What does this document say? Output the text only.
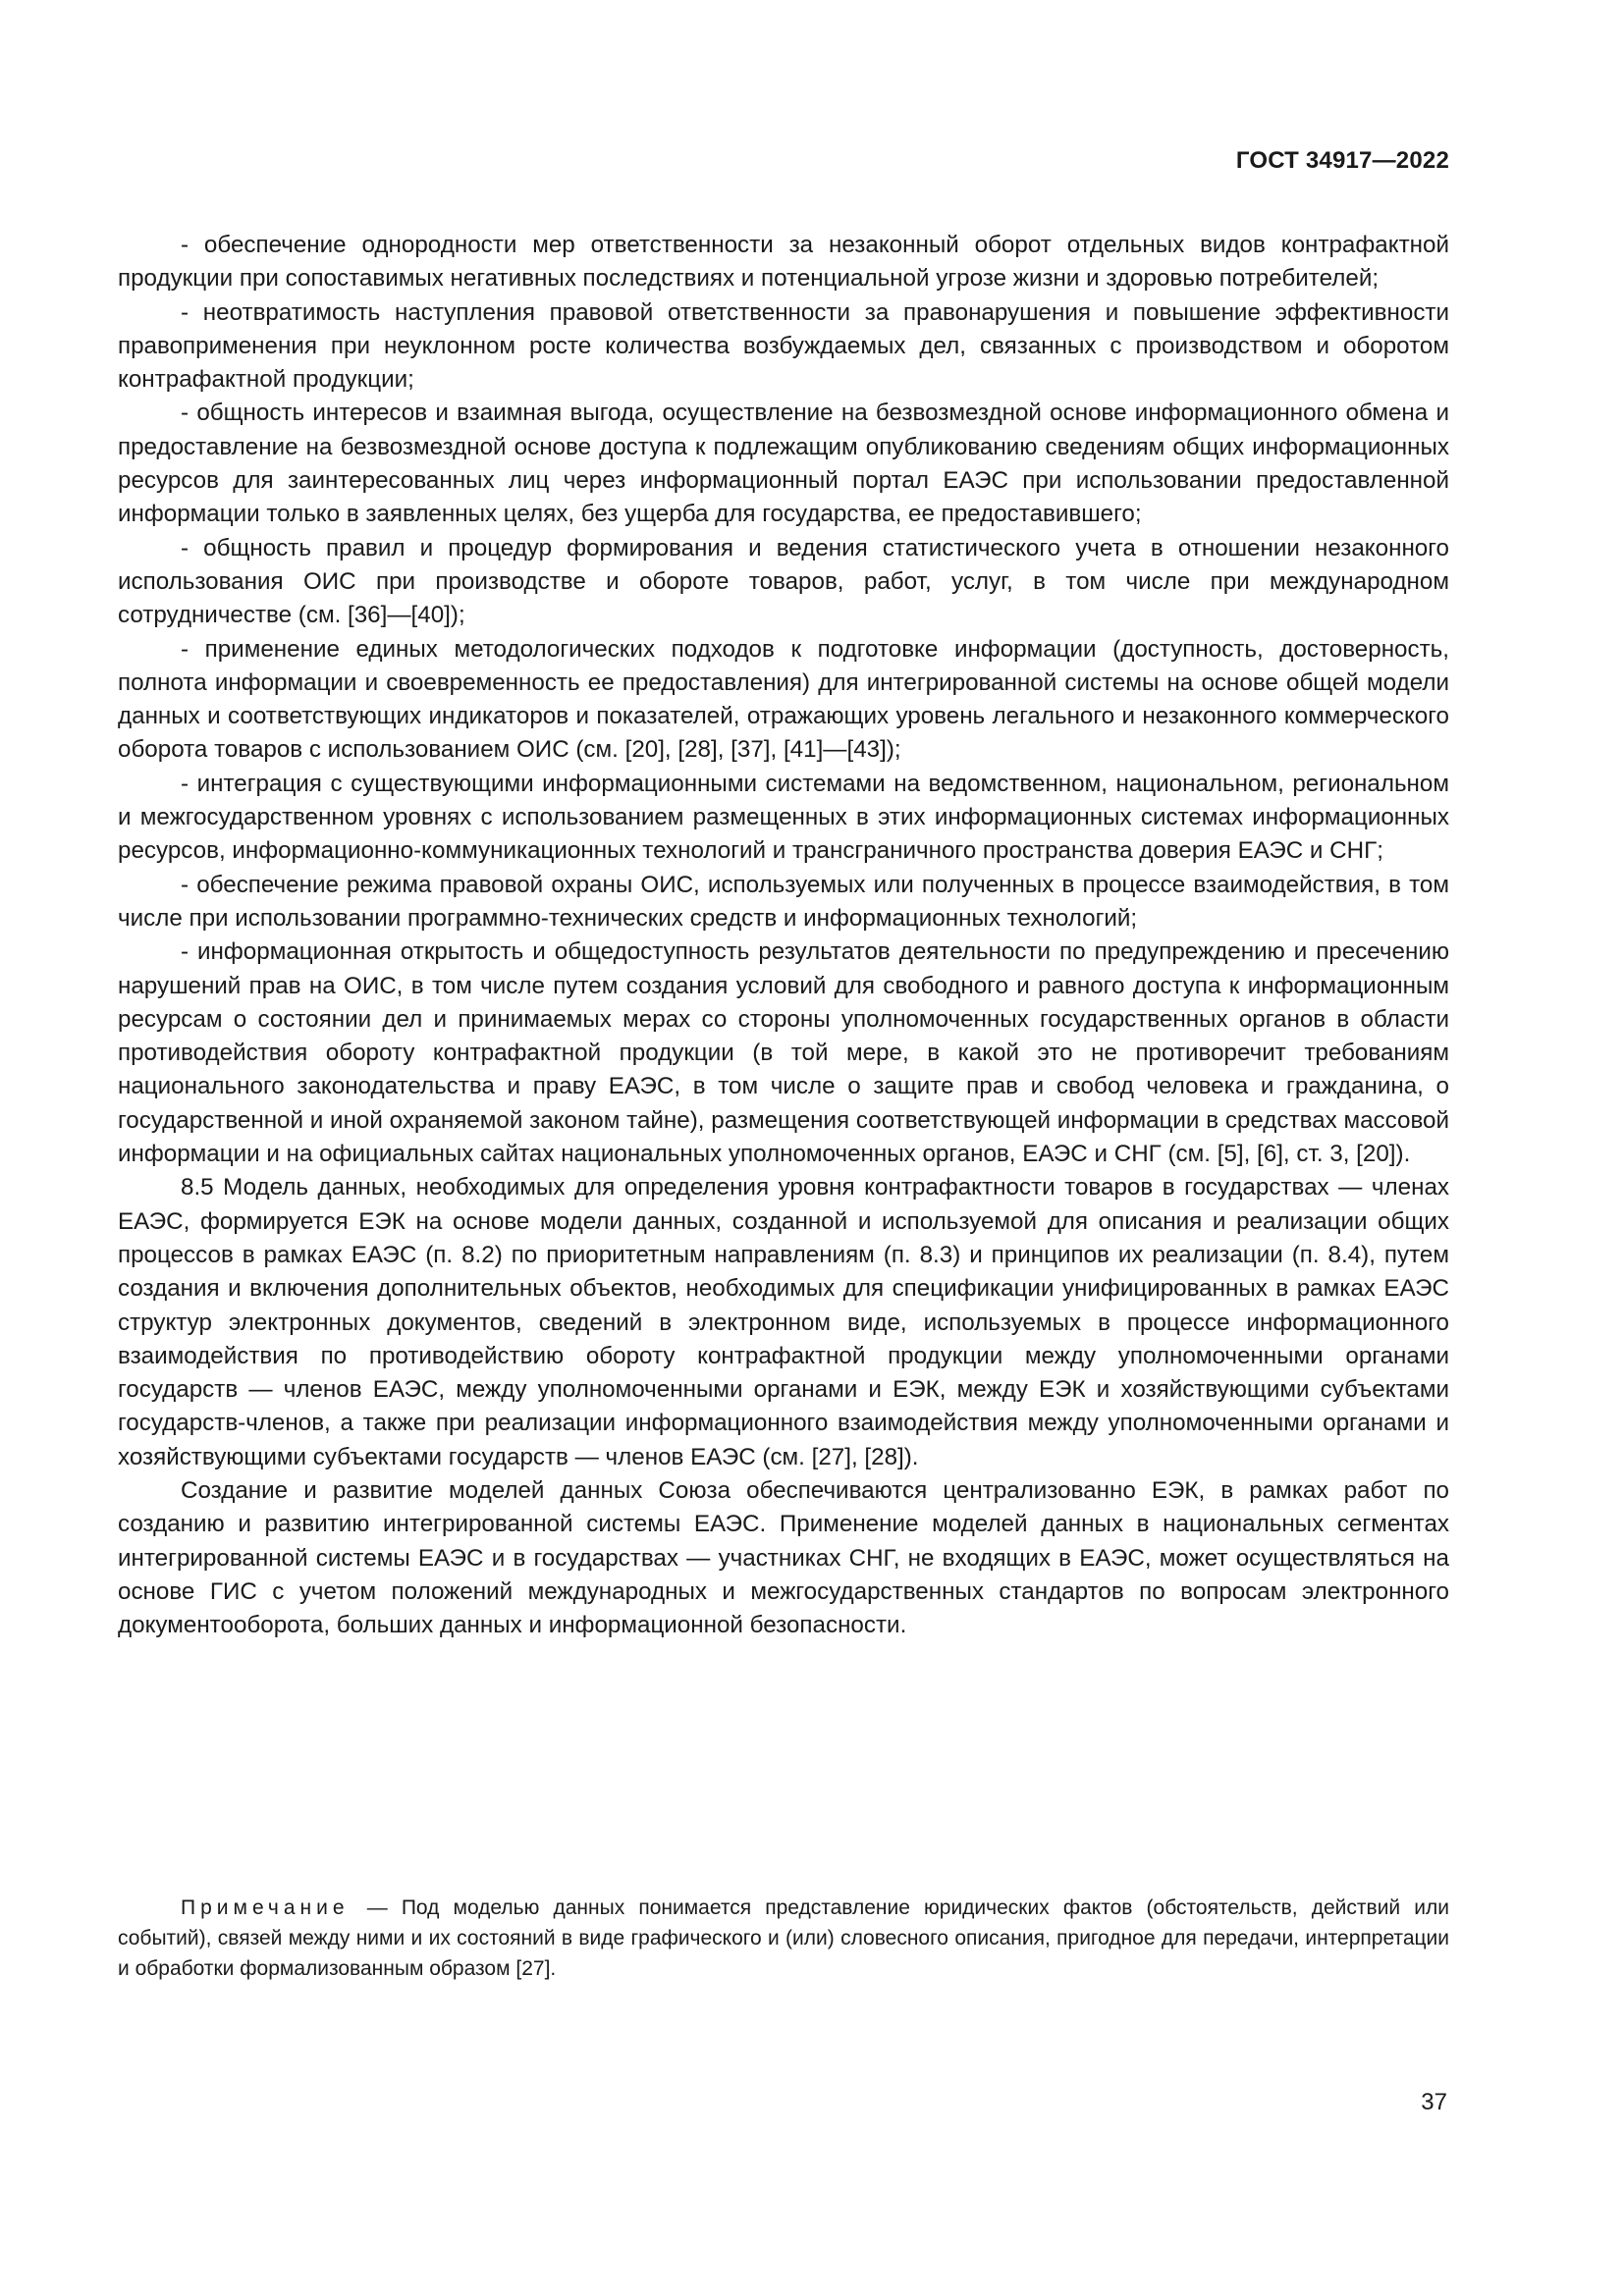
ГОСТ 34917—2022

- обеспечение однородности мер ответственности за незаконный оборот отдельных видов контрафактной продукции при сопоставимых негативных последствиях и потенциальной угрозе жизни и здоровью потребителей;

- неотвратимость наступления правовой ответственности за правонарушения и повышение эффективности правоприменения при неуклонном росте количества возбуждаемых дел, связанных с производством и оборотом контрафактной продукции;

- общность интересов и взаимная выгода, осуществление на безвозмездной основе информационного обмена и предоставление на безвозмездной основе доступа к подлежащим опубликованию сведениям общих информационных ресурсов для заинтересованных лиц через информационный портал ЕАЭС при использовании предоставленной информации только в заявленных целях, без ущерба для государства, ее предоставившего;

- общность правил и процедур формирования и ведения статистического учета в отношении незаконного использования ОИС при производстве и обороте товаров, работ, услуг, в том числе при международном сотрудничестве (см. [36]—[40]);

- применение единых методологических подходов к подготовке информации (доступность, достоверность, полнота информации и своевременность ее предоставления) для интегрированной системы на основе общей модели данных и соответствующих индикаторов и показателей, отражающих уровень легального и незаконного коммерческого оборота товаров с использованием ОИС (см. [20], [28], [37], [41]—[43]);

- интеграция с существующими информационными системами на ведомственном, национальном, региональном и межгосударственном уровнях с использованием размещенных в этих информационных системах информационных ресурсов, информационно-коммуникационных технологий и трансграничного пространства доверия ЕАЭС и СНГ;

- обеспечение режима правовой охраны ОИС, используемых или полученных в процессе взаимодействия, в том числе при использовании программно-технических средств и информационных технологий;

- информационная открытость и общедоступность результатов деятельности по предупреждению и пресечению нарушений прав на ОИС, в том числе путем создания условий для свободного и равного доступа к информационным ресурсам о состоянии дел и принимаемых мерах со стороны уполномоченных государственных органов в области противодействия обороту контрафактной продукции (в той мере, в какой это не противоречит требованиям национального законодательства и праву ЕАЭС, в том числе о защите прав и свобод человека и гражданина, о государственной и иной охраняемой законом тайне), размещения соответствующей информации в средствах массовой информации и на официальных сайтах национальных уполномоченных органов, ЕАЭС и СНГ (см. [5], [6], ст. 3, [20]).

8.5 Модель данных, необходимых для определения уровня контрафактности товаров в государствах — членах ЕАЭС, формируется ЕЭК на основе модели данных, созданной и используемой для описания и реализации общих процессов в рамках ЕАЭС (п. 8.2) по приоритетным направлениям (п. 8.3) и принципов их реализации (п. 8.4), путем создания и включения дополнительных объектов, необходимых для спецификации унифицированных в рамках ЕАЭС структур электронных документов, сведений в электронном виде, используемых в процессе информационного взаимодействия по противодействию обороту контрафактной продукции между уполномоченными органами государств — членов ЕАЭС, между уполномоченными органами и ЕЭК, между ЕЭК и хозяйствующими субъектами государств-членов, а также при реализации информационного взаимодействия между уполномоченными органами и хозяйствующими субъектами государств — членов ЕАЭС (см. [27], [28]).

Создание и развитие моделей данных Союза обеспечиваются централизованно ЕЭК, в рамках работ по созданию и развитию интегрированной системы ЕАЭС. Применение моделей данных в национальных сегментах интегрированной системы ЕАЭС и в государствах — участниках СНГ, не входящих в ЕАЭС, может осуществляться на основе ГИС с учетом положений международных и межгосударственных стандартов по вопросам электронного документооборота, больших данных и информационной безопасности.

Примечание — Под моделью данных понимается представление юридических фактов (обстоятельств, действий или событий), связей между ними и их состояний в виде графического и (или) словесного описания, пригодное для передачи, интерпретации и обработки формализованным образом [27].
37
